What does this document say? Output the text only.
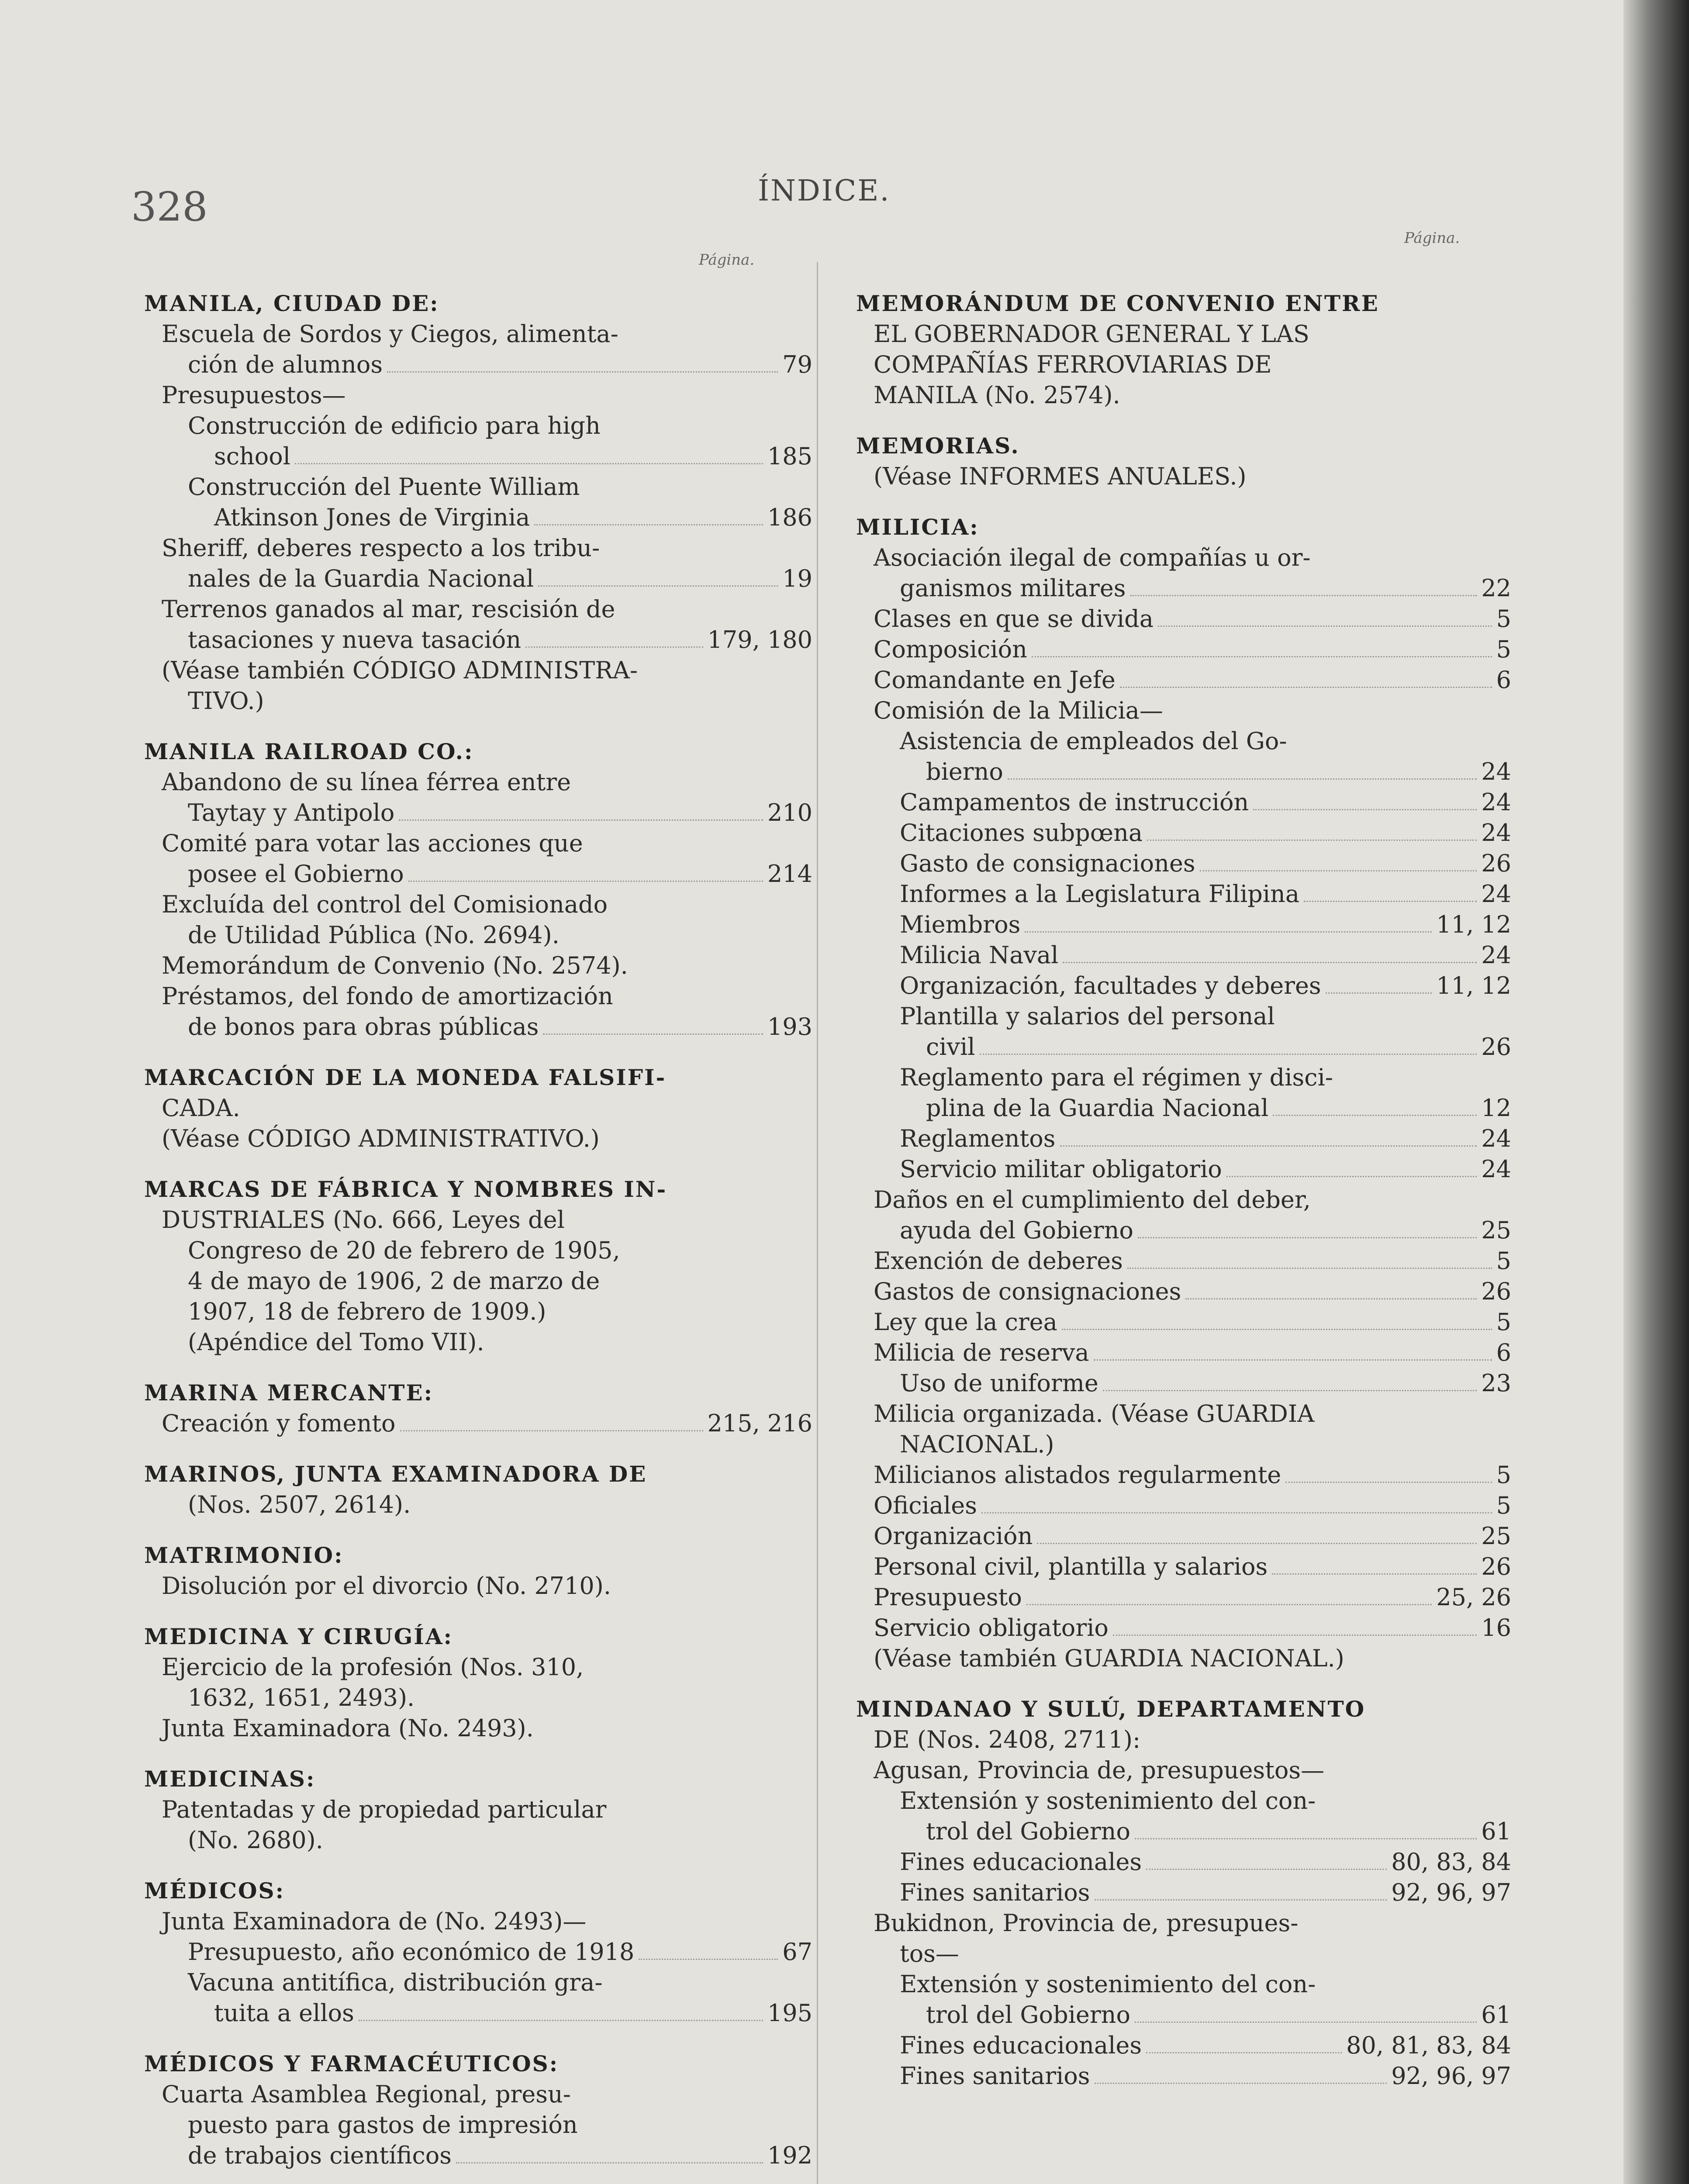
328	ÍNDICE.
Página.
Página.
MANILA, CIUDAD DE:
Escuela de Sordos y Ciegos, alimenta-
ción de alumnos	79
Presupuestos—
Construcción de edificio para high
school	185
Construcción del Puente William
Atkinson Jones de Virginia	186
Sheriff, deberes respecto a los tribu-
nales de la Guardia Nacional	19
Terrenos ganados al mar, rescisión de
tasaciones y nueva tasación	179, 180
(Véase también CÓDIGO ADMINISTRA-
TIVO.)
MANILA RAILROAD CO.:
Abandono de su línea férrea entre
Taytay y Antipolo	210
Comité para votar las acciones que
posee el Gobierno	214
Excluída del control del Comisionado
de Utilidad Pública (No. 2694).
Memorándum de Convenio (No. 2574).
Préstamos, del fondo de amortización
de bonos para obras públicas	193
MARCACIÓN DE LA MONEDA FALSIFI-
CADA.
(Véase CÓDIGO ADMINISTRATIVO.)
MARCAS DE FÁBRICA Y NOMBRES IN-
DUSTRIALES (No. 666, Leyes del
Congreso de 20 de febrero de 1905,
4 de mayo de 1906, 2 de marzo de
1907, 18 de febrero de 1909.)
(Apéndice del Tomo VII).
MARINA MERCANTE:
Creación y fomento	215, 216
MARINOS, JUNTA EXAMINADORA DE
(Nos. 2507, 2614).
MATRIMONIO:
Disolución por el divorcio (No. 2710).
MEDICINA Y CIRUGÍA:
Ejercicio de la profesión (Nos. 310,
1632, 1651, 2493).
Junta Examinadora (No. 2493).
MEDICINAS:
Patentadas y de propiedad particular
(No. 2680).
MÉDICOS:
Junta Examinadora de (No. 2493)—
Presupuesto, año económico de 1918	67
Vacuna antitífica, distribución gra-
tuita a ellos	195
MÉDICOS Y FARMACÉUTICOS:
Cuarta Asamblea Regional, presu-
puesto para gastos de impresión
de trabajos científicos	192
MEMORÁNDUM DE CONVENIO ENTRE
EL GOBERNADOR GENERAL Y LAS
COMPAÑÍAS FERROVIARIAS DE
MANILA (No. 2574).
MEMORIAS.
(Véase INFORMES ANUALES.)
MILICIA:
Asociación ilegal de compañías u or-
ganismos militares	22
Clases en que se divida	5
Composición	5
Comandante en Jefe	6
Comisión de la Milicia—
Asistencia de empleados del Go-
bierno	24
Campamentos de instrucción	24
Citaciones subpœna	24
Gasto de consignaciones	26
Informes a la Legislatura Filipina	24
Miembros	11, 12
Milicia Naval	24
Organización, facultades y deberes	11, 12
Plantilla y salarios del personal
civil	26
Reglamento para el régimen y disci-
plina de la Guardia Nacional	12
Reglamentos	24
Servicio militar obligatorio	24
Daños en el cumplimiento del deber,
ayuda del Gobierno	25
Exención de deberes	5
Gastos de consignaciones	26
Ley que la crea	5
Milicia de reserva	6
Uso de uniforme	23
Milicia organizada. (Véase GUARDIA
NACIONAL.)
Milicianos alistados regularmente	5
Oficiales	5
Organización	25
Personal civil, plantilla y salarios	26
Presupuesto	25, 26
Servicio obligatorio	16
(Véase también GUARDIA NACIONAL.)
MINDANAO Y SULÚ, DEPARTAMENTO
DE (Nos. 2408, 2711):
Agusan, Provincia de, presupuestos—
Extensión y sostenimiento del con-
trol del Gobierno	61
Fines educacionales	80, 83, 84
Fines sanitarios	92, 96, 97
Bukidnon, Provincia de, presupues-
tos—
Extensión y sostenimiento del con-
trol del Gobierno	61
Fines educacionales	80, 81, 83, 84
Fines sanitarios	92, 96, 97
